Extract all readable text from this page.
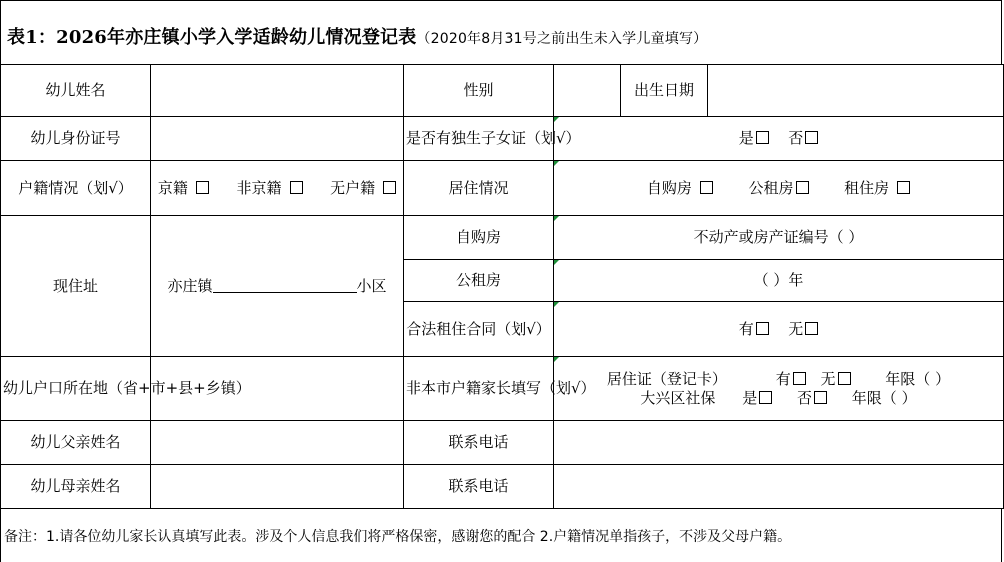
表1：2026年亦庄镇小学入学适龄幼儿情况登记表（2020年8月31号之前出生未入学儿童填写）
幼儿姓名		性别		出生日期	
幼儿身份证号		是否有独生子女证（划√）	是 否		
户籍情况（划√）	京籍 非京籍 无户籍	居住情况	自购房 公租房 租住房		
现住址	亦庄镇 小区	自购房	不动产或房产证编号（ ）		
		公租房	（ ）年		
		合法租住合同（划√）	有 无		
幼儿户口所在地（省+市+县+乡镇）		非本市户籍家长填写（划√）	居住证（登记卡） 有 无 年限（ ）
大兴区社保 是 否 年限（ ）		

幼儿父亲姓名		联系电话			
幼儿母亲姓名		联系电话			
备注：1.请各位幼儿家长认真填写此表。涉及个人信息我们将严格保密，感谢您的配合 2.户籍情况单指孩子，不涉及父母户籍。
